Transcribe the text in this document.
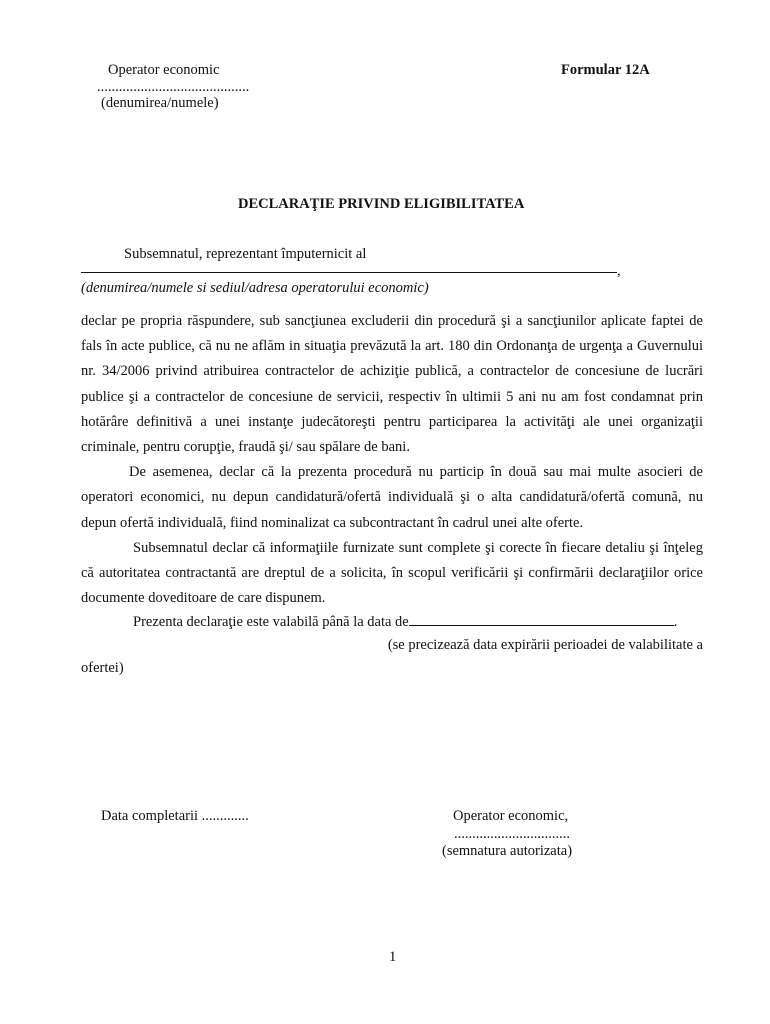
Operator economic
..........................................
(denumirea/numele)
Formular 12A
DECLARAŢIE PRIVIND ELIGIBILITATEA
Subsemnatul, reprezentant împuternicit al
,
(denumirea/numele si sediul/adresa operatorului economic)

declar pe propria răspundere, sub sancţiunea excluderii din procedură şi a sancţiunilor aplicate faptei de fals în acte publice, că nu ne aflăm in situaţia prevăzută la art. 180 din Ordonanţa de urgenţa a Guvernului nr. 34/2006 privind atribuirea contractelor de achiziţie publică, a contractelor de concesiune de lucrări publice şi a contractelor de concesiune de servicii, respectiv în ultimii 5 ani nu am fost condamnat prin hotărâre definitivă a unei instanţe judecătoreşti pentru participarea la activităţi ale unei organizaţii criminale, pentru corupţie, fraudă şi/ sau spălare de bani.

De asemenea, declar că la prezenta procedură nu particip în două sau mai multe asocieri de operatori economici, nu depun candidatură/ofertă individuală şi o alta candidatură/ofertă comună, nu depun ofertă individuală, fiind nominalizat ca subcontractant în cadrul unei alte oferte.

Subsemnatul declar că informaţiile furnizate sunt complete şi corecte în fiecare detaliu şi înţeleg că autoritatea contractantă are dreptul de a solicita, în scopul verificării şi confirmării declaraţiilor orice documente doveditoare de care dispunem.

Prezenta declaraţie este valabilă până la data de	.
(se precizează data expirării perioadei de valabilitate a
ofertei)
Data completarii .............	Operator economic,
................................
(semnatura autorizata)
1
